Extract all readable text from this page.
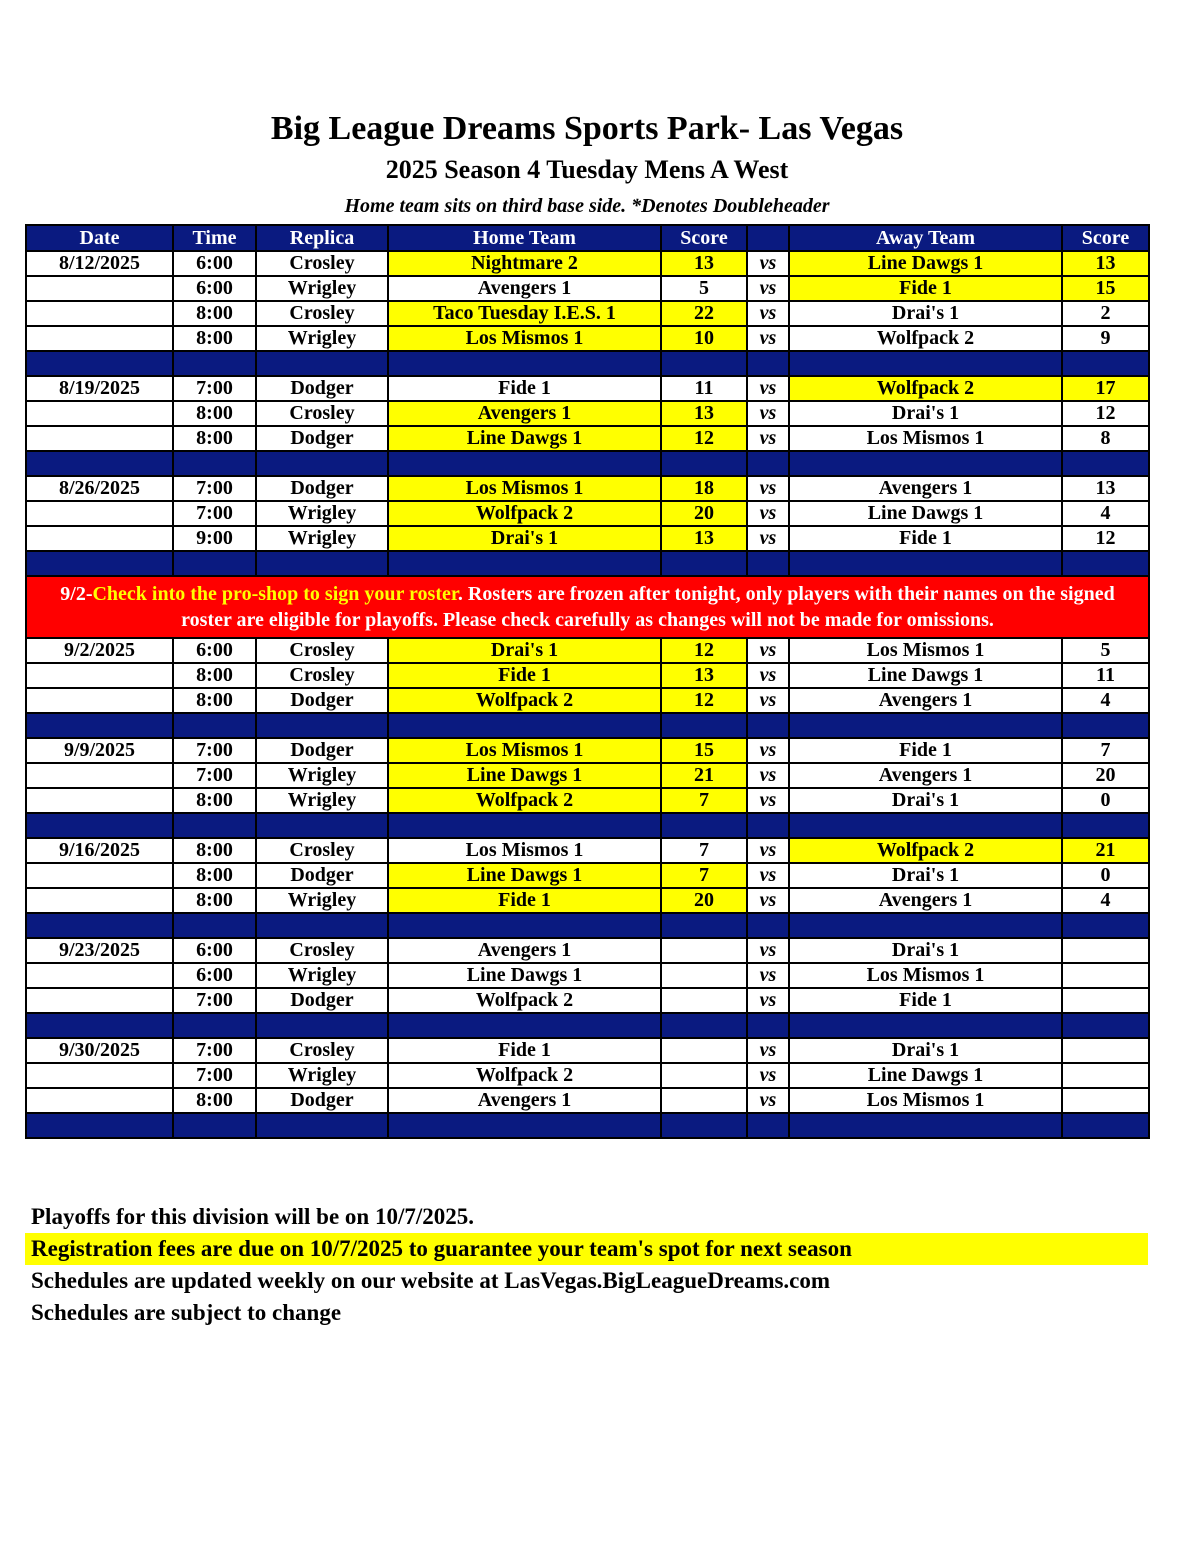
Big League Dreams Sports Park- Las Vegas
2025 Season 4 Tuesday Mens A West
Home team sits on third base side. *Denotes Doubleheader
Date	Time	Replica	Home Team	Score		Away Team	Score
8/12/2025	6:00	Crosley	Nightmare 2	13	vs	Line Dawgs 1	13
	6:00	Wrigley	Avengers 1	5	vs	Fide 1	15
	8:00	Crosley	Taco Tuesday I.E.S. 1	22	vs	Drai's 1	2
	8:00	Wrigley	Los Mismos 1	10	vs	Wolfpack 2	9

8/19/2025	7:00	Dodger	Fide 1	11	vs	Wolfpack 2	17
	8:00	Crosley	Avengers 1	13	vs	Drai's 1	12
	8:00	Dodger	Line Dawgs 1	12	vs	Los Mismos 1	8

8/26/2025	7:00	Dodger	Los Mismos 1	18	vs	Avengers 1	13
	7:00	Wrigley	Wolfpack 2	20	vs	Line Dawgs 1	4
	9:00	Wrigley	Drai's 1	13	vs	Fide 1	12

9/2-Check into the pro-shop to sign your roster. Rosters are frozen after tonight, only players with their names on the signed roster are eligible for playoffs. Please check carefully as changes will not be made for omissions.							
9/2/2025	6:00	Crosley	Drai's 1	12	vs	Los Mismos 1	5
	8:00	Crosley	Fide 1	13	vs	Line Dawgs 1	11
	8:00	Dodger	Wolfpack 2	12	vs	Avengers 1	4

9/9/2025	7:00	Dodger	Los Mismos 1	15	vs	Fide 1	7
	7:00	Wrigley	Line Dawgs 1	21	vs	Avengers 1	20
	8:00	Wrigley	Wolfpack 2	7	vs	Drai's 1	0

9/16/2025	8:00	Crosley	Los Mismos 1	7	vs	Wolfpack 2	21
	8:00	Dodger	Line Dawgs 1	7	vs	Drai's 1	0
	8:00	Wrigley	Fide 1	20	vs	Avengers 1	4

9/23/2025	6:00	Crosley	Avengers 1		vs	Drai's 1	
	6:00	Wrigley	Line Dawgs 1		vs	Los Mismos 1	
	7:00	Dodger	Wolfpack 2		vs	Fide 1	

9/30/2025	7:00	Crosley	Fide 1		vs	Drai's 1	
	7:00	Wrigley	Wolfpack 2		vs	Line Dawgs 1	
	8:00	Dodger	Avengers 1		vs	Los Mismos 1	

Playoffs for this division will be on 10/7/2025.
Registration fees are due on 10/7/2025 to guarantee your team's spot for next season
Schedules are updated weekly on our website at LasVegas.BigLeagueDreams.com
Schedules are subject to change
